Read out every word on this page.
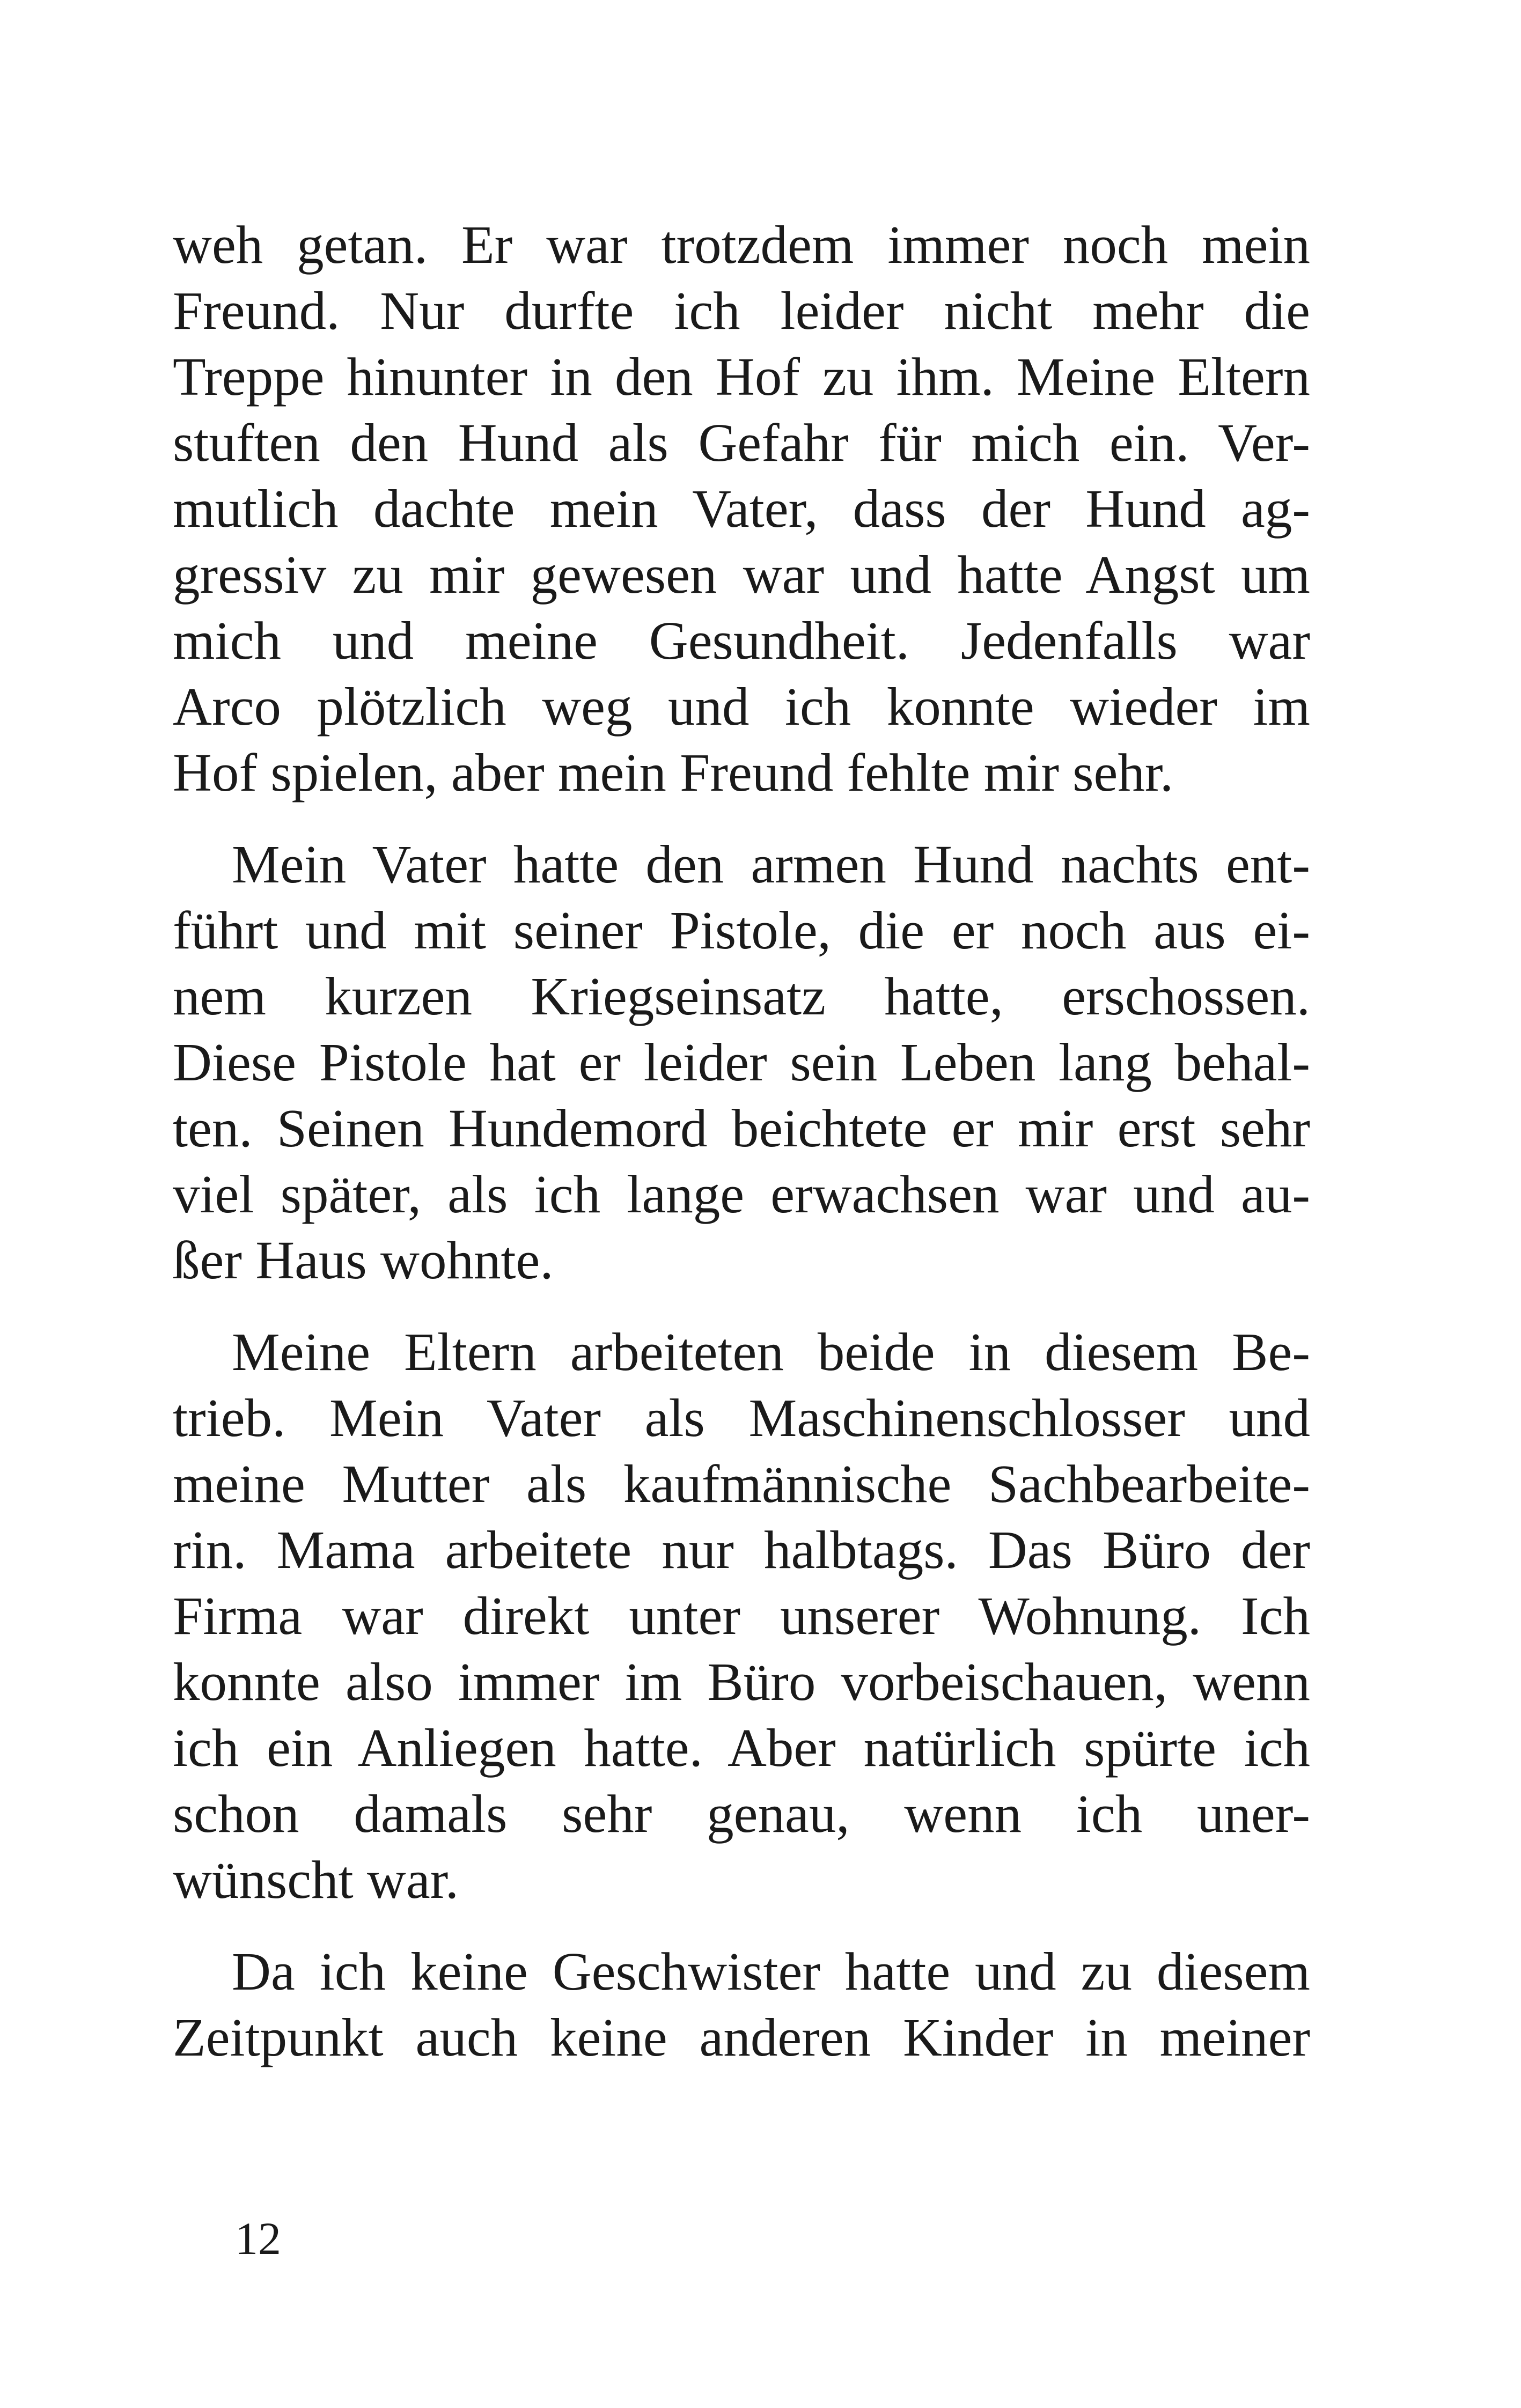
weh getan. Er war trotzdem immer noch mein
Freund. Nur durfte ich leider nicht mehr die
Treppe hinunter in den Hof zu ihm. Meine Eltern
stuften den Hund als Gefahr für mich ein. Ver-
mutlich dachte mein Vater, dass der Hund ag-
gressiv zu mir gewesen war und hatte Angst um
mich und meine Gesundheit. Jedenfalls war
Arco plötzlich weg und ich konnte wieder im
Hof spielen, aber mein Freund fehlte mir sehr.

Mein Vater hatte den armen Hund nachts ent-
führt und mit seiner Pistole, die er noch aus ei-
nem kurzen Kriegseinsatz hatte, erschossen.
Diese Pistole hat er leider sein Leben lang behal-
ten. Seinen Hundemord beichtete er mir erst sehr
viel später, als ich lange erwachsen war und au-
ßer Haus wohnte.

Meine Eltern arbeiteten beide in diesem Be-
trieb. Mein Vater als Maschinenschlosser und
meine Mutter als kaufmännische Sachbearbeite-
rin. Mama arbeitete nur halbtags. Das Büro der
Firma war direkt unter unserer Wohnung. Ich
konnte also immer im Büro vorbeischauen, wenn
ich ein Anliegen hatte. Aber natürlich spürte ich
schon damals sehr genau, wenn ich uner-
wünscht war.

Da ich keine Geschwister hatte und zu diesem
Zeitpunkt auch keine anderen Kinder in meiner

12
